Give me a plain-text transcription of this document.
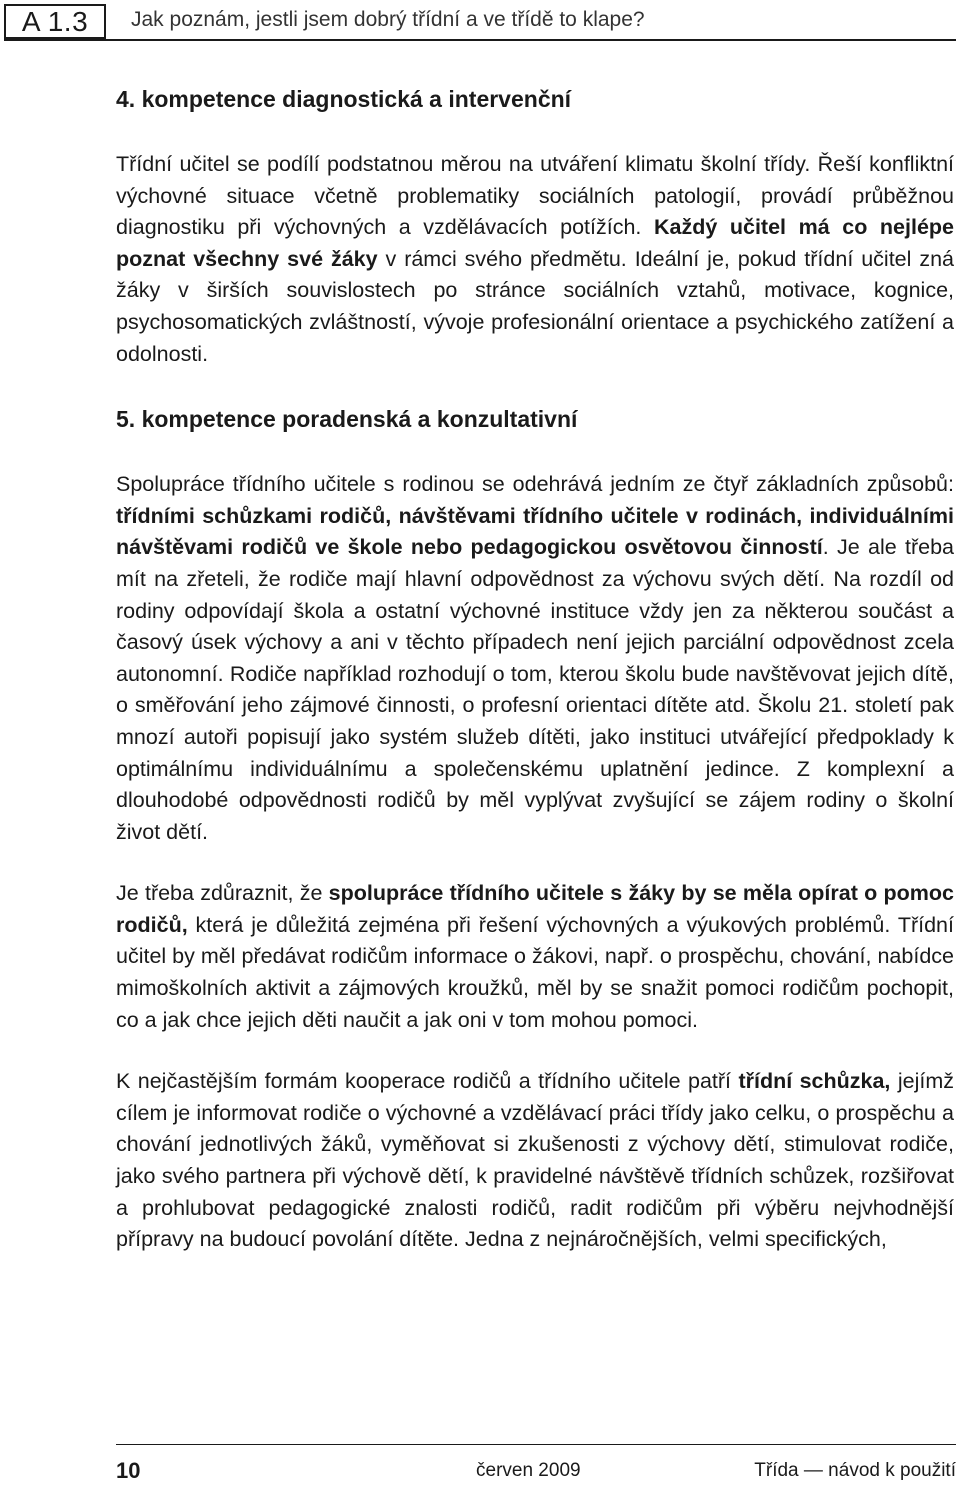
A 1.3	Jak poznám, jestli jsem dobrý třídní a ve třídě to klape?
4. kompetence diagnostická a intervenční

Třídní učitel se podílí podstatnou měrou na utváření klimatu školní třídy. Řeší konfliktní výchovné situace včetně problematiky sociálních patologií, provádí průběžnou diagnostiku při výchovných a vzdělávacích potížích. Každý učitel má co nejlépe poznat všechny své žáky v rámci svého předmětu. Ideální je, pokud třídní učitel zná žáky v širších souvislostech po stránce sociálních vztahů, motivace, kognice, psychosomatických zvláštností, vývoje profesionální orientace a psychického zatížení a odolnosti.

5. kompetence poradenská a konzultativní

Spolupráce třídního učitele s rodinou se odehrává jedním ze čtyř základních způsobů: třídními schůzkami rodičů, návštěvami třídního učitele v rodinách, individuálními návštěvami rodičů ve škole nebo pedagogickou osvětovou činností. Je ale třeba mít na zřeteli, že rodiče mají hlavní odpovědnost za výchovu svých dětí. Na rozdíl od rodiny odpovídají škola a ostatní výchovné instituce vždy jen za některou součást a časový úsek výchovy a ani v těchto případech není jejich parciální odpovědnost zcela autonomní. Rodiče například rozhodují o tom, kterou školu bude navštěvovat jejich dítě, o směřování jeho zájmové činnosti, o profesní orientaci dítěte atd. Školu 21. století pak mnozí autoři popisují jako systém služeb dítěti, jako instituci utvářející předpoklady k optimálnímu individuálnímu a společenskému uplatnění jedince. Z komplexní a dlouhodobé odpovědnosti rodičů by měl vyplývat zvyšující se zájem rodiny o školní život dětí.

Je třeba zdůraznit, že spolupráce třídního učitele s žáky by se měla opírat o pomoc rodičů, která je důležitá zejména při řešení výchovných a výukových problémů. Třídní učitel by měl předávat rodičům informace o žákovi, např. o prospěchu, chování, nabídce mimoškolních aktivit a zájmových kroužků, měl by se snažit pomoci rodičům pochopit, co a jak chce jejich děti naučit a jak oni v tom mohou pomoci.

K nejčastějším formám kooperace rodičů a třídního učitele patří třídní schůzka, jejímž cílem je informovat rodiče o výchovné a vzdělávací práci třídy jako celku, o prospěchu a chování jednotlivých žáků, vyměňovat si zkušenosti z výchovy dětí, stimulovat rodiče, jako svého partnera při výchově dětí, k pravidelné návštěvě třídních schůzek, rozšiřovat a prohlubovat pedagogické znalosti rodičů, radit rodičům při výběru nejvhodnější přípravy na budoucí povolání dítěte. Jedna z nejnáročnějších, velmi specifických,

10	červen 2009	Třída — návod k použití
